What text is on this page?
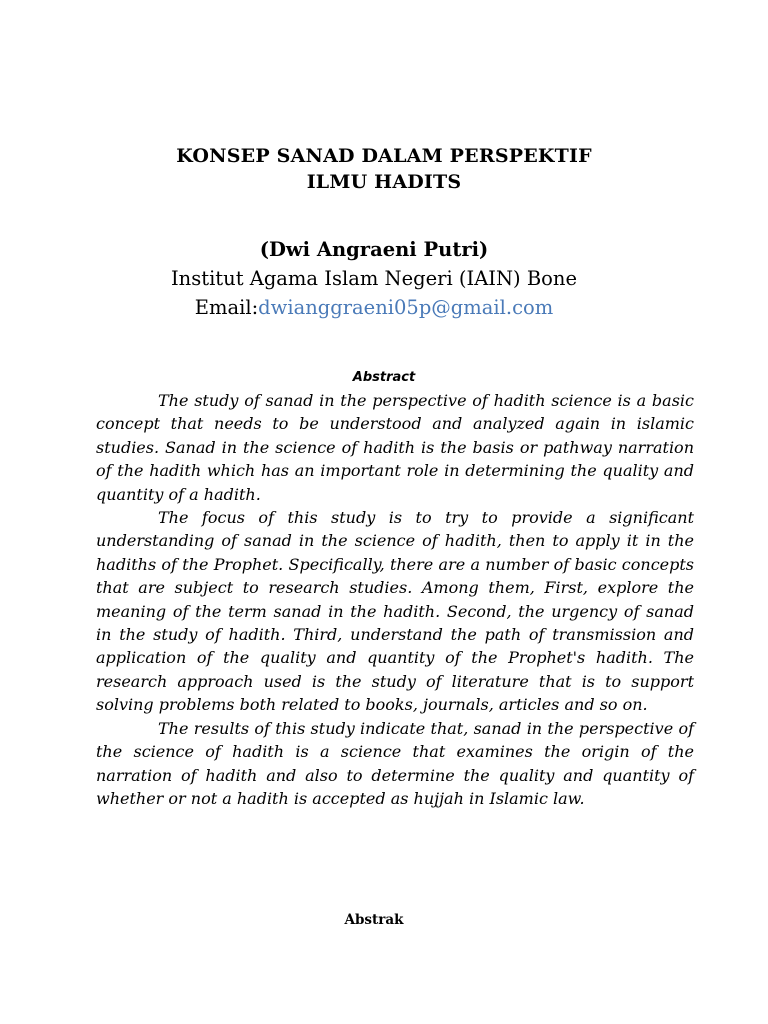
KONSEP SANAD DALAM PERSPEKTIF
ILMU HADITS
(Dwi Angraeni Putri)
Institut Agama Islam Negeri (IAIN) Bone
Email:dwianggraeni05p@gmail.com
Abstract

The study of sanad in the perspective of hadith science is a basic concept that needs to be understood and analyzed again in islamic studies. Sanad in the science of hadith is the basis or pathway narration of the hadith which has an important role in determining the quality and quantity of a hadith.

The focus of this study is to try to provide a significant understanding of sanad in the science of hadith, then to apply it in the hadiths of the Prophet. Specifically, there are a number of basic concepts that are subject to research studies. Among them, First, explore the meaning of the term sanad in the hadith. Second, the urgency of sanad in the study of hadith. Third, understand the path of transmission and application of the quality and quantity of the Prophet's hadith. The research approach used is the study of literature that is to support solving problems both related to books, journals, articles and so on.

The results of this study indicate that, sanad in the perspective of the science of hadith is a science that examines the origin of the narration of hadith and also to determine the quality and quantity of whether or not a hadith is accepted as hujjah in Islamic law.

Abstrak
